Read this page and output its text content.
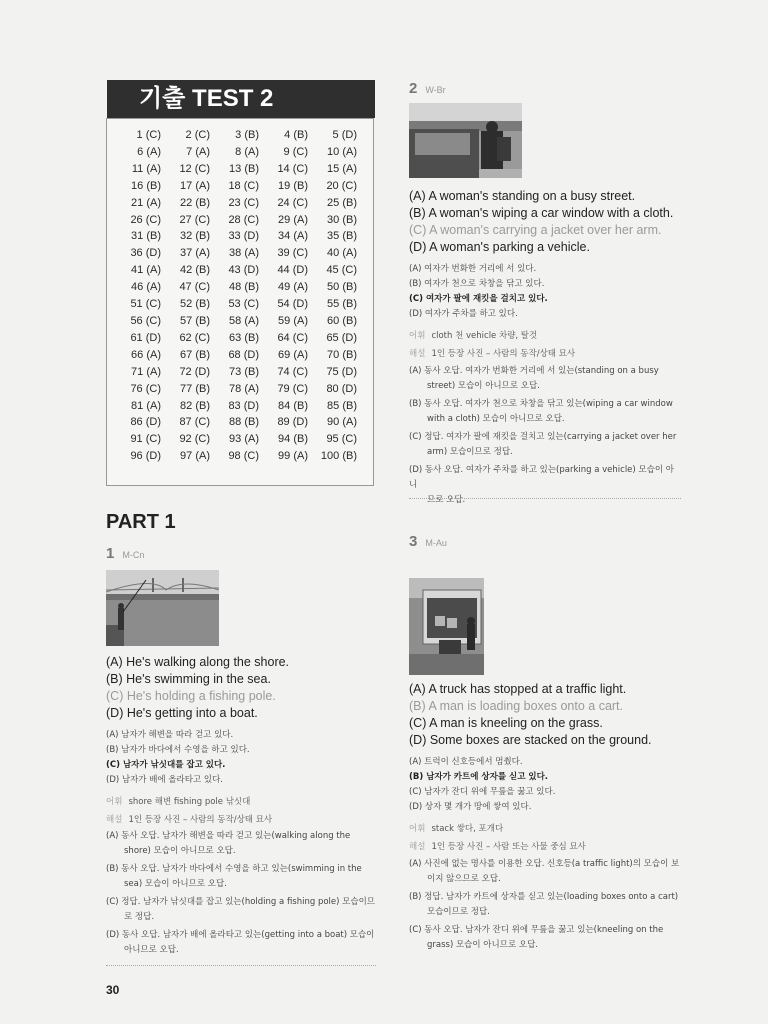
기출 TEST 2
1 (C)	2 (C)	3 (B)	4 (B)	5 (D)
6 (A)	7 (A)	8 (A)	9 (C)	10 (A)
11 (A)	12 (C)	13 (B)	14 (C)	15 (A)
16 (B)	17 (A)	18 (C)	19 (B)	20 (C)
21 (A)	22 (B)	23 (C)	24 (C)	25 (B)
26 (C)	27 (C)	28 (C)	29 (A)	30 (B)
31 (B)	32 (B)	33 (D)	34 (A)	35 (B)
36 (D)	37 (A)	38 (A)	39 (C)	40 (A)
41 (A)	42 (B)	43 (D)	44 (D)	45 (C)
46 (A)	47 (C)	48 (B)	49 (A)	50 (B)
51 (C)	52 (B)	53 (C)	54 (D)	55 (B)
56 (C)	57 (B)	58 (A)	59 (A)	60 (B)
61 (D)	62 (C)	63 (B)	64 (C)	65 (D)
66 (A)	67 (B)	68 (D)	69 (A)	70 (B)
71 (A)	72 (D)	73 (B)	74 (C)	75 (D)
76 (C)	77 (B)	78 (A)	79 (C)	80 (D)
81 (A)	82 (B)	83 (D)	84 (B)	85 (B)
86 (D)	87 (C)	88 (B)	89 (D)	90 (A)
91 (C)	92 (C)	93 (A)	94 (B)	95 (C)
96 (D)	97 (A)	98 (C)	99 (A)	100 (B)
PART 1
1 M-Cn
(A) He's walking along the shore.
(B) He's swimming in the sea.
(C) He's holding a fishing pole.
(D) He's getting into a boat.
(A) 남자가 해변을 따라 걷고 있다.
(B) 남자가 바다에서 수영을 하고 있다.
(C) 남자가 낚싯대를 잡고 있다.
(D) 남자가 배에 올라타고 있다.
어휘 shore 해변 fishing pole 낚싯대
해설 1인 등장 사진 – 사람의 동작/상태 묘사
(A) 동사 오답. 남자가 해변을 따라 걷고 있는(walking along the
shore) 모습이 아니므로 오답.
(B) 동사 오답. 남자가 바다에서 수영을 하고 있는(swimming in the
sea) 모습이 아니므로 오답.
(C) 정답. 남자가 낚싯대를 잡고 있는(holding a fishing pole) 모습이므
로 정답.
(D) 동사 오답. 남자가 배에 올라타고 있는(getting into a boat) 모습이
아니므로 오답.
30
2 W-Br
(A) A woman's standing on a busy street.
(B) A woman's wiping a car window with a cloth.
(C) A woman's carrying a jacket over her arm.
(D) A woman's parking a vehicle.
(A) 여자가 번화한 거리에 서 있다.
(B) 여자가 천으로 차창을 닦고 있다.
(C) 여자가 팔에 재킷을 걸치고 있다.
(D) 여자가 주차를 하고 있다.
어휘 cloth 천 vehicle 차량, 탈것
해설 1인 등장 사진 – 사람의 동작/상태 묘사
(A) 동사 오답. 여자가 번화한 거리에 서 있는(standing on a busy
street) 모습이 아니므로 오답.
(B) 동사 오답. 여자가 천으로 차창을 닦고 있는(wiping a car window
with a cloth) 모습이 아니므로 오답.
(C) 정답. 여자가 팔에 재킷을 걸치고 있는(carrying a jacket over her
arm) 모습이므로 정답.
(D) 동사 오답. 여자가 주차를 하고 있는(parking a vehicle) 모습이 아니
므로 오답.
3 M-Au
(A) A truck has stopped at a traffic light.
(B) A man is loading boxes onto a cart.
(C) A man is kneeling on the grass.
(D) Some boxes are stacked on the ground.
(A) 트럭이 신호등에서 멈췄다.
(B) 남자가 카트에 상자를 싣고 있다.
(C) 남자가 잔디 위에 무릎을 꿇고 있다.
(D) 상자 몇 개가 땅에 쌓여 있다.
어휘 stack 쌓다, 포개다
해설 1인 등장 사진 – 사람 또는 사물 중심 묘사
(A) 사진에 없는 명사를 이용한 오답. 신호등(a traffic light)의 모습이 보
이지 않으므로 오답.
(B) 정답. 남자가 카트에 상자를 싣고 있는(loading boxes onto a cart)
모습이므로 정답.
(C) 동사 오답. 남자가 잔디 위에 무릎을 꿇고 있는(kneeling on the
grass) 모습이 아니므로 오답.
